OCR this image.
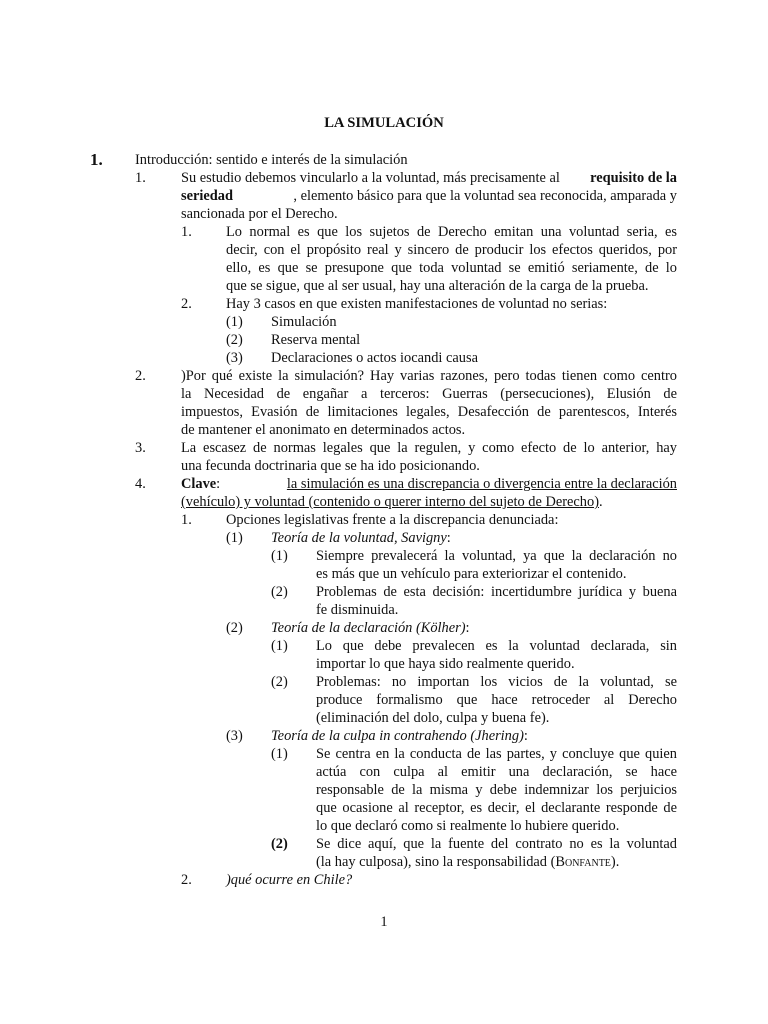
LA SIMULACIÓN
1. Introducción: sentido e interés de la simulación
1. Su estudio debemos vincularlo a la voluntad, más precisamente al requisito de la
seriedad	, elemento básico para que la voluntad sea reconocida, amparada y
sancionada por el Derecho.
1. Lo normal es que los sujetos de Derecho emitan una voluntad seria, es
decir, con el propósito real y sincero de producir los efectos queridos, por
ello, es que se presupone que toda voluntad se emitió seriamente, de lo
que se sigue, que al ser usual, hay una alteración de la carga de la prueba.
2. Hay 3 casos en que existen manifestaciones de voluntad no serias:
(1) Simulación
(2) Reserva mental
(3) Declaraciones o actos iocandi causa
2. )Por qué existe la simulación? Hay varias razones, pero todas tienen como centro
la Necesidad de engañar a terceros: Guerras (persecuciones), Elusión de
impuestos, Evasión de limitaciones legales, Desafección de parentescos, Interés
de mantener el anonimato en determinados actos.
3. La escasez de normas legales que la regulen, y como efecto de lo anterior, hay
una fecunda doctrinaria que se ha ido posicionando.
4. Clave:	la simulación es una discrepancia o divergencia entre la declaración
(vehículo) y voluntad (contenido o querer interno del sujeto de Derecho).
1. Opciones legislativas frente a la discrepancia denunciada:
(1) Teoría de la voluntad, Savigny:
(1) Siempre prevalecerá la voluntad, ya que la declaración no
es más que un vehículo para exteriorizar el contenido.
(2) Problemas de esta decisión: incertidumbre jurídica y buena
fe disminuida.
(2) Teoría de la declaración (Kölher):
(1) Lo que debe prevalecen es la voluntad declarada, sin
importar lo que haya sido realmente querido.
(2) Problemas: no importan los vicios de la voluntad, se
produce formalismo que hace retroceder al Derecho
(eliminación del dolo, culpa y buena fe).
(3) Teoría de la culpa in contrahendo (Jhering):
(1) Se centra en la conducta de las partes, y concluye que quien
actúa con culpa al emitir una declaración, se hace
responsable de la misma y debe indemnizar los perjuicios
que ocasione al receptor, es decir, el declarante responde de
lo que declaró como si realmente lo hubiere querido.
(2) Se dice aquí, que la fuente del contrato no es la voluntad
(la hay culposa), sino la responsabilidad (Bonfante).
2. )qué ocurre en Chile?
1
